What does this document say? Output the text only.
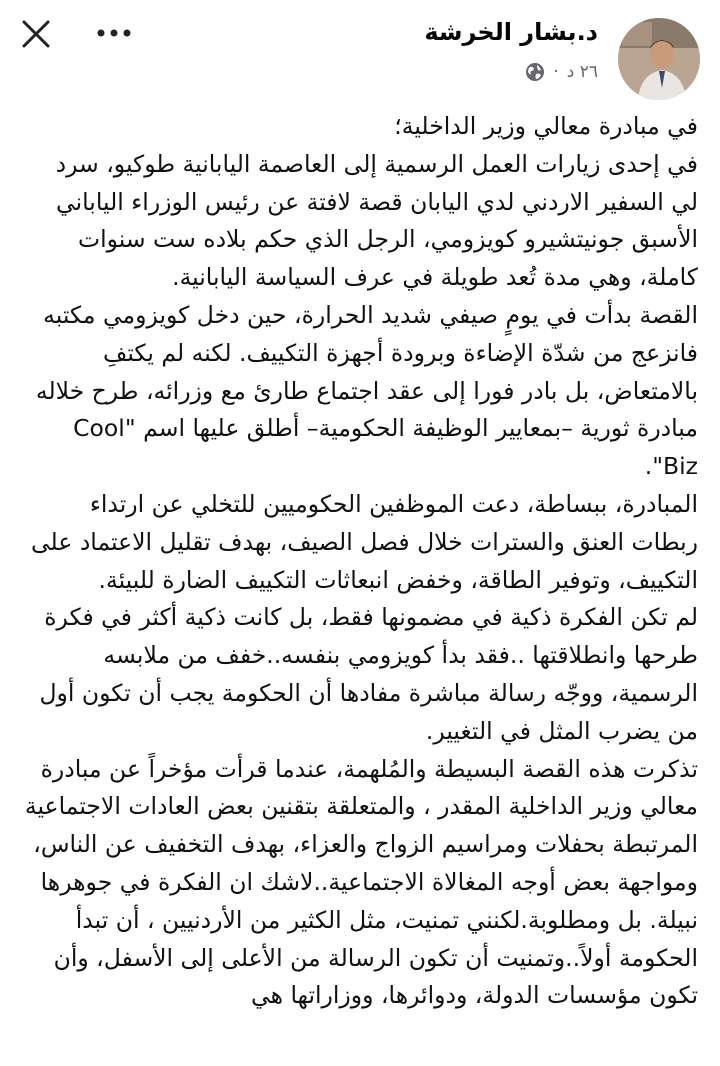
د.بشار الخرشة
٢٦ د
·

في مبادرة معالي وزير الداخلية؛

في إحدى زيارات العمل الرسمية إلى العاصمة اليابانية طوكيو، سرد لي السفير الاردني لدي اليابان قصة لافتة عن رئيس الوزراء الياباني الأسبق جونيتشيرو كويزومي، الرجل الذي حكم بلاده ست سنوات كاملة، وهي مدة تُعد طويلة في عرف السياسة اليابانية.

القصة بدأت في يومٍ صيفي شديد الحرارة، حين دخل كويزومي مكتبه فانزعج من شدّة الإضاءة وبرودة أجهزة التكييف. لكنه لم يكتفِ بالامتعاض، بل بادر فورا إلى عقد اجتماع طارئ مع وزرائه، طرح خلاله مبادرة ثورية –بمعايير الوظيفة الحكومية– أطلق عليها اسم "Cool Biz".

المبادرة، ببساطة، دعت الموظفين الحكوميين للتخلي عن ارتداء ربطات العنق والسترات خلال فصل الصيف، بهدف تقليل الاعتماد على التكييف، وتوفير الطاقة، وخفض انبعاثات التكييف الضارة للبيئة.

لم تكن الفكرة ذكية في مضمونها فقط، بل كانت ذكية أكثر في فكرة طرحها وانطلاقتها ..فقد بدأ كويزومي بنفسه..خفف من ملابسه الرسمية، ووجّه رسالة مباشرة مفادها أن الحكومة يجب أن تكون أول من يضرب المثل في التغيير.

تذكرت هذه القصة البسيطة والمُلهمة، عندما قرأت مؤخراً عن مبادرة معالي وزير الداخلية المقدر ، والمتعلقة بتقنين بعض العادات الاجتماعية المرتبطة بحفلات ومراسيم الزواج والعزاء، بهدف التخفيف عن الناس، ومواجهة بعض أوجه المغالاة الاجتماعية..لاشك ان الفكرة في جوهرها نبيلة. بل ومطلوبة.لكنني تمنيت، مثل الكثير من الأردنيين ، أن تبدأ الحكومة أولاً..وتمنيت أن تكون الرسالة من الأعلى إلى الأسفل، وأن تكون مؤسسات الدولة، ودوائرها، ووزاراتها هي
